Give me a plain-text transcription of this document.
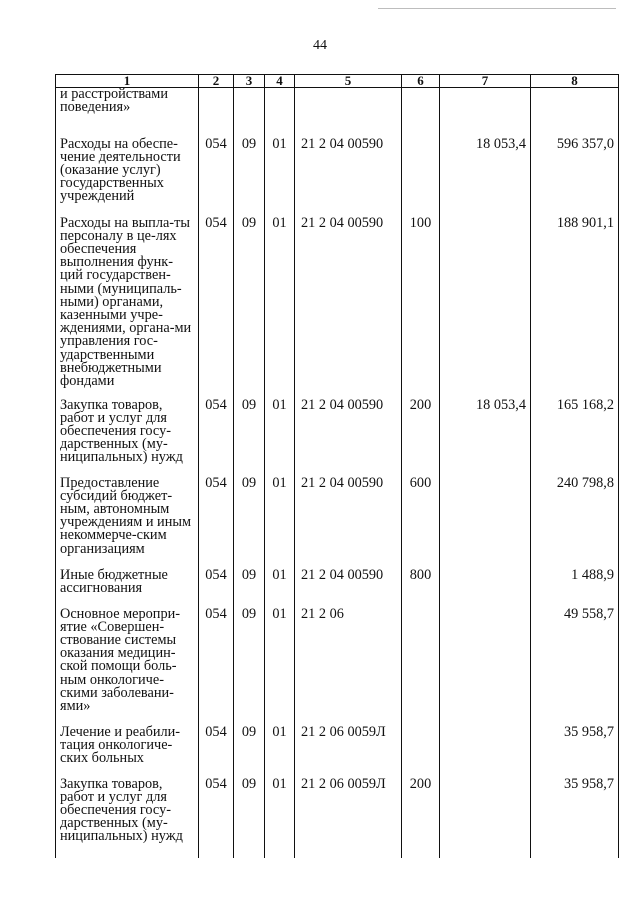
44
1	2	3	4	5	6	7	8
и расстройствами поведения»							
Расходы на обеспе-чение деятельности (оказание услуг) государственных учреждений	054	09	01	21 2 04 00590		18 053,4	596 357,0
Расходы на выпла-ты персоналу в це-лях обеспечения выполнения функ-ций государствен-ными (муниципаль-ными) органами, казенными учре-ждениями, органа-ми управления гос-ударственными внебюджетными фондами	054	09	01	21 2 04 00590	100		188 901,1
Закупка товаров, работ и услуг для обеспечения госу-дарственных (му-ниципальных) нужд	054	09	01	21 2 04 00590	200	18 053,4	165 168,2
Предоставление субсидий бюджет-ным, автономным учреждениям и иным некоммерче-ским организациям	054	09	01	21 2 04 00590	600		240 798,8
Иные бюджетные ассигнования	054	09	01	21 2 04 00590	800		1 488,9
Основное меропри-ятие «Совершен-ствование системы оказания медицин-ской помощи боль-ным онкологиче-скими заболевани-ями»	054	09	01	21 2 06			49 558,7
Лечение и реабили-тация онкологиче-ских больных	054	09	01	21 2 06 0059Л			35 958,7
Закупка товаров, работ и услуг для обеспечения госу-дарственных (му-ниципальных) нужд	054	09	01	21 2 06 0059Л	200		35 958,7
